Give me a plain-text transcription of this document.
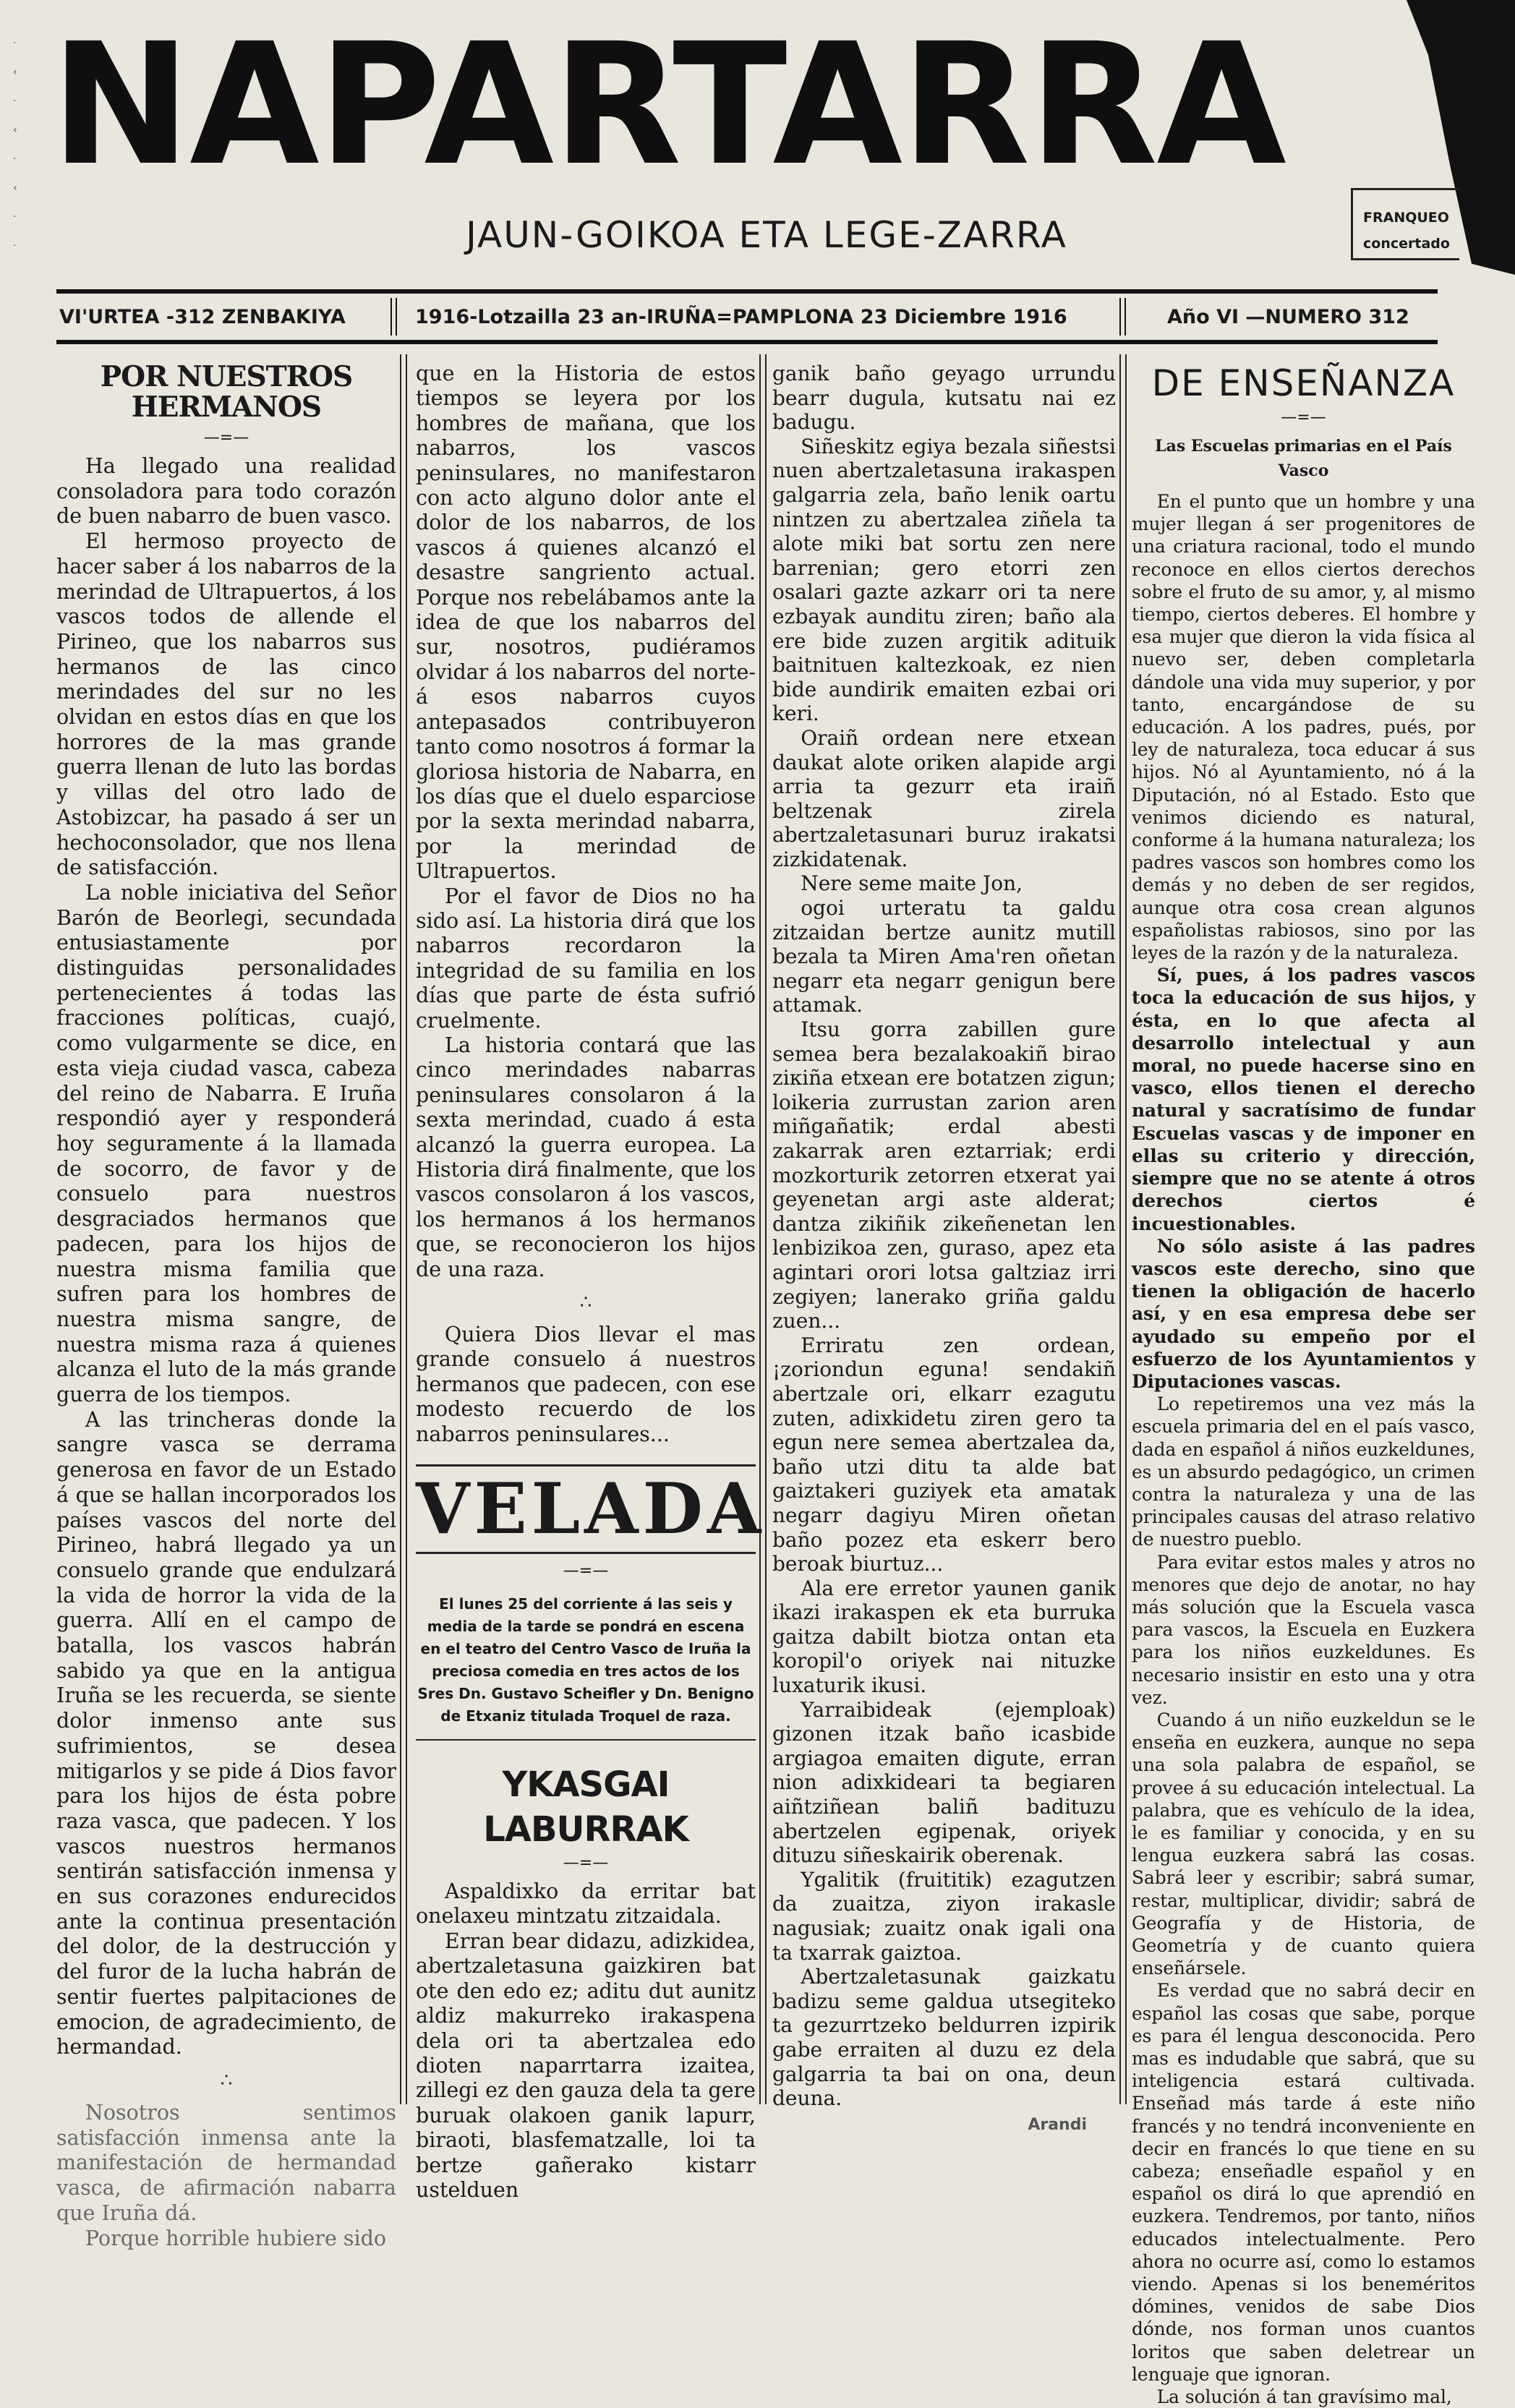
·
‹
·
‹
·
‹
·
·
NAPARTARRA
JAUN-GOIKOA ETA LEGE-ZARRA	FRANQUEO
concertado
VI'URTEA -312 ZENBAKIYA	1916-Lotzailla 23 an-IRUÑA=PAMPLONA 23 Diciembre 1916	Año VI —NUMERO 312
POR NUESTROS HERMANOS
—=—

Ha llegado una realidad consoladora para todo corazón de buen nabarro de buen vasco.

El hermoso proyecto de hacer saber á los nabarros de la merindad de Ultrapuertos, á los vascos todos de allende el Pirineo, que los nabarros sus hermanos de las cinco merindades del sur no les olvidan en estos días en que los horrores de la mas grande guerra llenan de luto las bordas y villas del otro lado de Astobizcar, ha pasado á ser un hechoconsolador, que nos llena de satisfacción.

La noble iniciativa del Señor Barón de Beorlegi, secundada entusiastamente por distinguidas personalidades pertenecientes á todas las fracciones políticas, cuajó, como vulgarmente se dice, en esta vieja ciudad vasca, cabeza del reino de Nabarra. E Iruña respondió ayer y responderá hoy seguramente á la llamada de socorro, de favor y de consuelo para nuestros desgraciados hermanos que padecen, para los hijos de nuestra misma familia que sufren para los hombres de nuestra misma sangre, de nuestra misma raza á quienes alcanza el luto de la más grande guerra de los tiempos.

A las trincheras donde la sangre vasca se derrama generosa en favor de un Estado á que se hallan incorporados los países vascos del norte del Pirineo, habrá llegado ya un consuelo grande que endulzará la vida de horror la vida de la guerra. Allí en el campo de batalla, los vascos habrán sabido ya que en la antigua Iruña se les recuerda, se siente dolor inmenso ante sus sufrimientos, se desea mitigarlos y se pide á Dios favor para los hijos de ésta pobre raza vasca, que padecen. Y los vascos nuestros hermanos sentirán satisfacción inmensa y en sus corazones endurecidos ante la continua presentación del dolor, de la destrucción y del furor de la lucha habrán de sentir fuertes palpitaciones de emocion, de agradecimiento, de hermandad.

∴

Nosotros sentimos satisfacción inmensa ante la manifestación de hermandad vasca, de afirmación nabarra que Iruña dá.

Porque horrible hubiere sido

que en la Historia de estos tiempos se leyera por los hombres de mañana, que los nabarros, los vascos peninsulares, no manifestaron con acto alguno dolor ante el dolor de los nabarros, de los vascos á quienes alcanzó el desastre sangriento actual. Porque nos rebelábamos ante la idea de que los nabarros del sur, nosotros, pudiéramos olvidar á los nabarros del norte-á esos nabarros cuyos antepasados contribuyeron tanto como nosotros á formar la gloriosa historia de Nabarra, en los días que el duelo esparciose por la sexta merindad nabarra, por la merindad de Ultrapuertos.

Por el favor de Dios no ha sido así. La historia dirá que los nabarros recordaron la integridad de su familia en los días que parte de ésta sufrió cruelmente.

La historia contará que las cinco merindades nabarras peninsulares consolaron á la sexta merindad, cuado á esta alcanzó la guerra europea. La Historia dirá finalmente, que los vascos consolaron á los vascos, los hermanos á los hermanos que, se reconocieron los hijos de una raza.

∴

Quiera Dios llevar el mas grande consuelo á nuestros hermanos que padecen, con ese modesto recuerdo de los nabarros peninsulares...

VELADA
—=—
El lunes 25 del corriente á las seis y media de la tarde se pondrá en escena en el teatro del Centro Vasco de Iruña la preciosa comedia en tres actos de los Sres Dn. Gustavo Scheifler y Dn. Benigno de Etxaniz titulada Troquel de raza.
YKASGAI LABURRAK
—=—

Aspaldixko da erritar bat onelaxeu mintzatu zitzaidala.

Erran bear didazu, adizkidea, abertzaletasuna gaizkiren bat ote den edo ez; aditu dut aunitz aldiz makurreko irakaspena dela ori ta abertzalea edo dioten naparrtarra izaitea, zillegi ez den gauza dela ta gere buruak olakoen ganik lapurr, biraoti, blasfematzalle, loi ta bertze gañerako kistarr ustelduen

ganik baño geyago urrundu bearr dugula, kutsatu nai ez badugu.

Siñeskitz egiya bezala siñestsi nuen abertzaletasuna irakaspen galgarria zela, baño lenik oartu nintzen zu abertzalea ziñela ta alote miki bat sortu zen nere barrenian; gero etorri zen osalari gazte azkarr ori ta nere ezbayak aunditu ziren; baño ala ere bide zuzen argitik adituik baitnituen kaltezkoak, ez nien bide aundirik emaiten ezbai ori keri.

Oraiñ ordean nere etxean daukat alote oriken alapide argi arгia ta gezurr eta iraiñ beltzenak zirela abertzaletasunari buruz irakatsi zizkidatenak.

Nere seme maite Jon,

ogoi urteratu ta galdu zitzaidan bertze aunitz mutill bezala ta Miren Ama'ren oñetan negarr eta negarr genigun bere attamak.

Itsu gorra zabillen gure semea bera bezalakoakiñ birao ziкiña etxean ere botatzen zigun; loikeria zurrustan zarion aren miñgañatik; erdal abesti zakarrak aren eztarriak; erdi mozkorturik zetorren etxerat yai geyenetan argi aste alderat; dantza zikiñik zikeñenetan len lenbizikoa zen, guraso, apez eta agintari orori lotsa galtziaz irri zegiyen; lanerako griña galdu zuen...

Erriratu zen ordean, ¡zoriondun eguna! sendakiñ abertzale ori, elkarr ezagutu zuten, adixkidetu ziren gero ta egun nere semea abertzalea da, baño utzi ditu ta alde bat gaiztakeri guziyek eta amatak negarr dagiyu Miren oñetan baño pozez eta eskerr bero beroak biurtuz...

Ala ere erretor yaunen ganik ikazi irakaspen ek eta burruka gaitza dabilt biotza ontan eta koropil'o oriyek nai nituzke luxaturik ikusi.

Yarraibideak (ejemploak) gizonen itzak baño icasbide argiagoa emaiten digute, erran nion adixkideari ta begiaren aiñtziñean baliñ badituzu abertzelen egipenak, oriyek dituzu siñeskairik oberenak.

Ygalitik (fruititik) ezagutzen da zuaitza, ziyon irakasle nagusiak; zuaitz onak igali ona ta txarrak gaiztoa.

Abertzaletasunak gaizkatu badizu seme galdua utsegiteko ta gezurrtzeko beldurren izpirik gabe erraiten al duzu ez dela galgarria ta bai on ona, deun deuna.

Arandi
DE ENSEÑANZA
—=—
Las Escuelas primarias en el País Vasco

En el punto que un hombre y una mujer llegan á ser progenitores de una criatura racional, todo el mundo reconoce en ellos ciertos derechos sobre el fruto de su amor, y, al mismo tiempo, ciertos deberes. El hombre y esa mujer que dieron la vida física al nuevo ser, deben completarla dándole una vida muy superior, y por tanto, encargándose de su educación. A los padres, pués, por ley de naturaleza, toca educar á sus hijos. Nó al Ayuntamiento, nó á la Diputación, nó al Estado. Esto que venimos diciendo es natural, conforme á la humana naturaleza; los padres vascos son hombres como los demás y no deben de ser regidos, aunque otra cosa crean algunos españolistas rabiosos, sino por las leyes de la razón y de la naturaleza.

Sí, pues, á los padres vascos toca la educación de sus hijos, y ésta, en lo que afecta al desarrollo intelectual y aun moral, no puede hacerse sino en vasco, ellos tienen el derecho natural y sacratísimo de fundar Escuelas vascas y de imponer en ellas su criterio y dirección, siempre que no se atente á otros derechos ciertos é incuestionables.

No sólo asiste á las padres vascos este derecho, sino que tienen la obligación de hacerlo así, y en esa empresa debe ser ayudado su empeño por el esfuerzo de los Ayuntamientos y Diputaciones vascas.

Lo repetiremos una vez más la escuela primaria del en el país vasco, dada en español á niños euzkeldunes, es un absurdo pedagógico, un crimen contra la naturaleza y una de las principales causas del atraso relativo de nuestro pueblo.

Para evitar estos males y atros no menores que dejo de anotar, no hay más solución que la Escuela vasca para vascos, la Escuela en Euzkera para los niños euzkeldunes. Es necesario insistir en esto una y otra vez.

Cuando á un niño euzkeldun se le enseña en euzkera, aunque no sepa una sola palabra de español, se provee á su educación intelectual. La palabra, que es vehículo de la idea, le es familiar y conocida, y en su lengua euzkera sabrá las cosas. Sabrá leer y escribir; sabrá sumar, restar, multiplicar, dividir; sabrá de Geografía y de Historia, de Geometría y de cuanto quiera enseñársele.

Es verdad que no sabrá decir en español las cosas que sabe, porque es para él lengua desconocida. Pero mas es indudable que sabrá, que su inteligencia estará cultivada. Enseñad más tarde á este niño francés y no tendrá inconveniente en decir en francés lo que tiene en su cabeza; enseñadle español y en español os dirá lo que aprendió en euzkera. Tendremos, por tanto, niños educados intelectualmente. Pero ahora no ocurre así, como lo estamos viendo. Apenas si los beneméritos dómines, venidos de sabe Dios dónde, nos forman unos cuantos loritos que saben deletrear un lenguaje que ignoran.

La solución á tan gravísimo mal,
